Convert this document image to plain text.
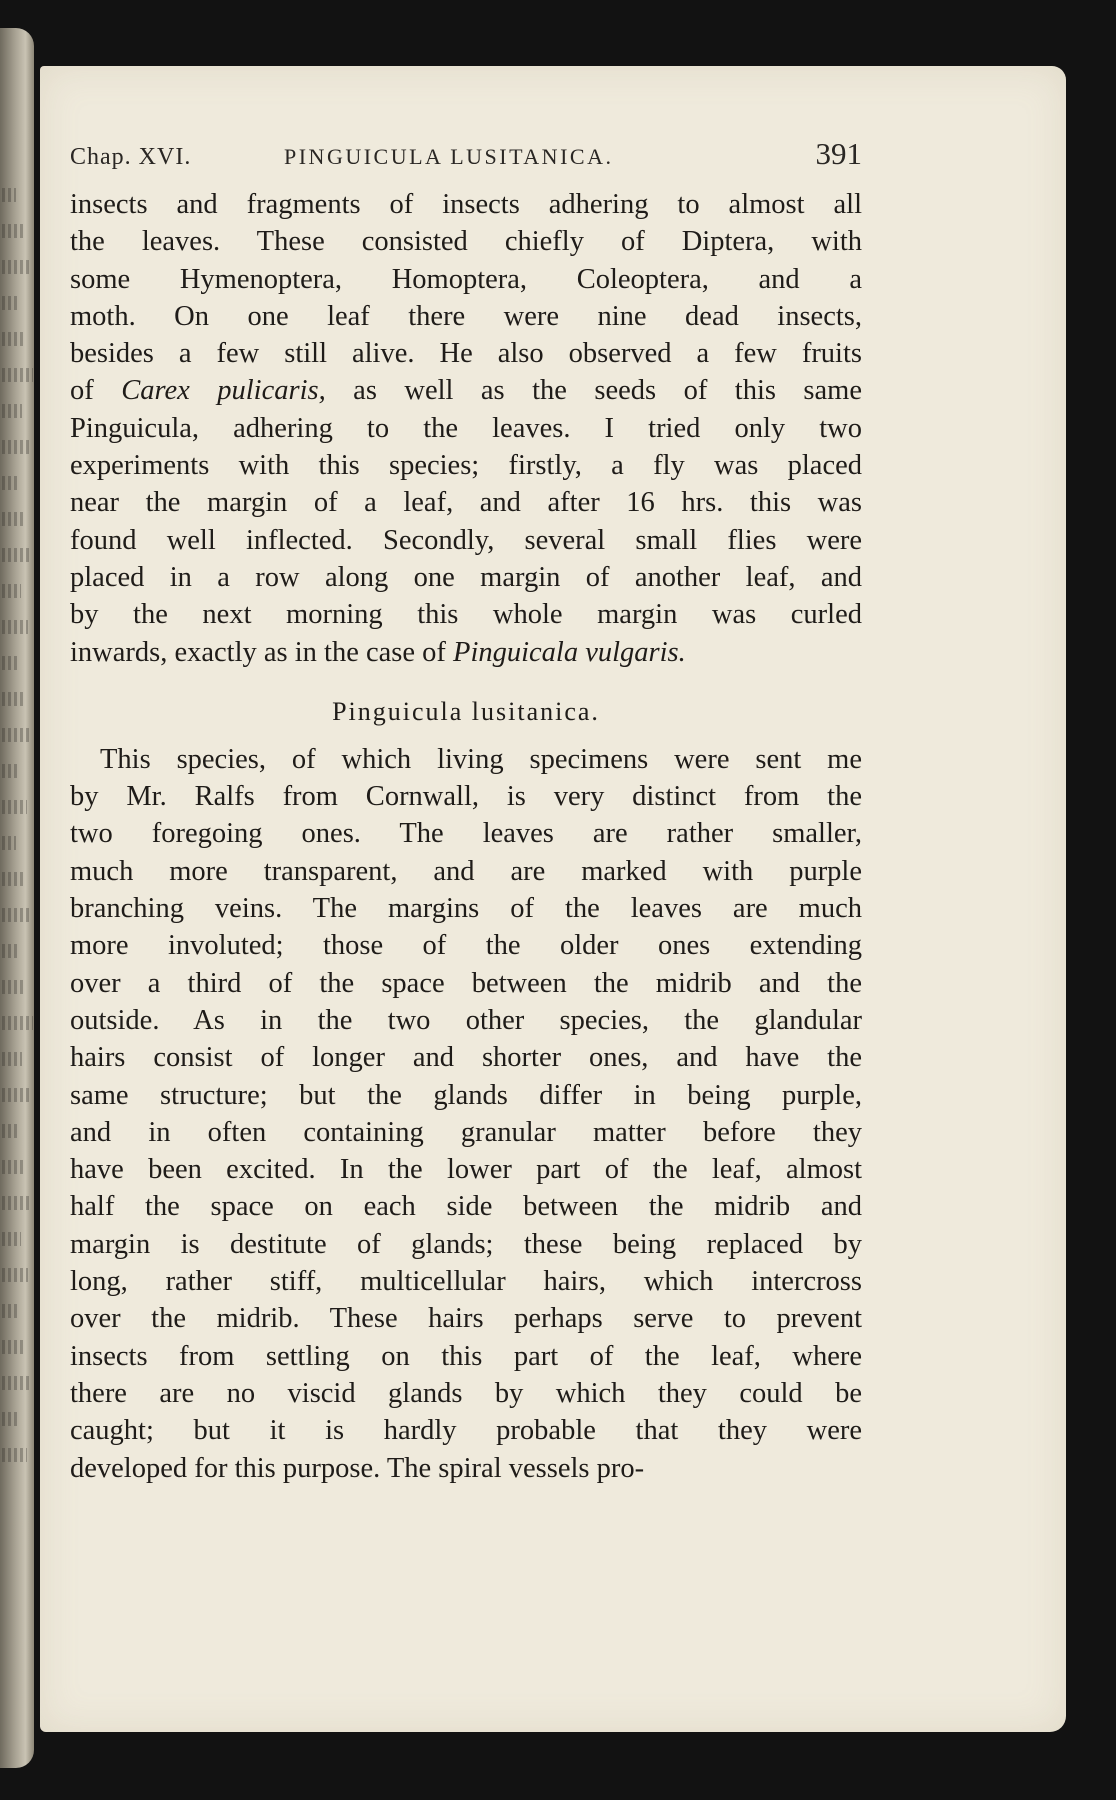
Chap. XVI.	PINGUICULA LUSITANICA.	391
insects and fragments of insects adhering to almost all
the leaves. These consisted chiefly of Diptera, with
some Hymenoptera, Homoptera, Coleoptera, and a
moth. On one leaf there were nine dead insects,
besides a few still alive. He also observed a few fruits
of Carex pulicaris, as well as the seeds of this same
Pinguicula, adhering to the leaves. I tried only two
experiments with this species; firstly, a fly was placed
near the margin of a leaf, and after 16 hrs. this was
found well inflected. Secondly, several small flies were
placed in a row along one margin of another leaf, and
by the next morning this whole margin was curled
inwards, exactly as in the case of Pinguicala vulgaris.
Pinguicula lusitanica.
This species, of which living specimens were sent me
by Mr. Ralfs from Cornwall, is very distinct from the
two foregoing ones. The leaves are rather smaller,
much more transparent, and are marked with purple
branching veins. The margins of the leaves are much
more involuted; those of the older ones extending
over a third of the space between the midrib and the
outside. As in the two other species, the glandular
hairs consist of longer and shorter ones, and have the
same structure; but the glands differ in being purple,
and in often containing granular matter before they
have been excited. In the lower part of the leaf, almost
half the space on each side between the midrib and
margin is destitute of glands; these being replaced by
long, rather stiff, multicellular hairs, which intercross
over the midrib. These hairs perhaps serve to prevent
insects from settling on this part of the leaf, where
there are no viscid glands by which they could be
caught; but it is hardly probable that they were
developed for this purpose. The spiral vessels pro-
